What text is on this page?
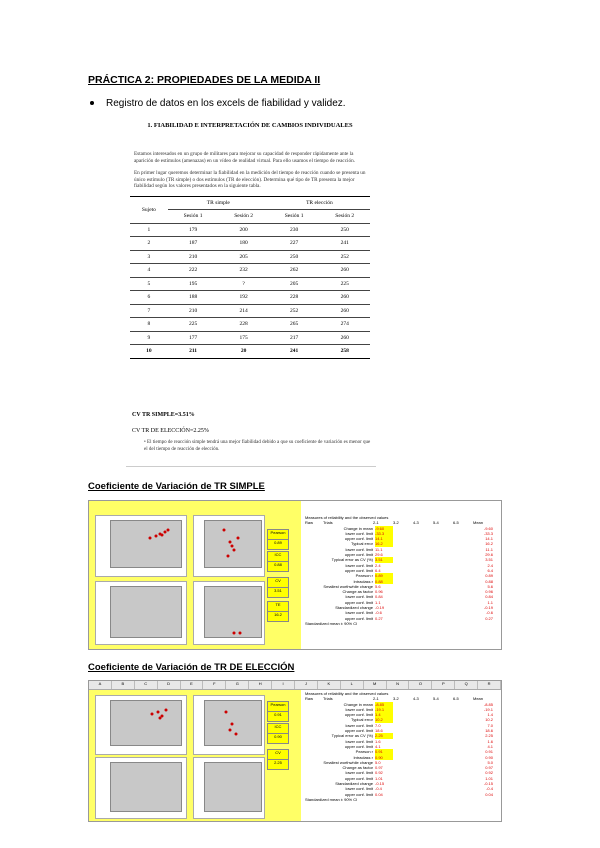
PRÁCTICA 2: PROPIEDADES DE LA MEDIDA II
Registro de datos en los excels de fiabilidad y validez.
1. FIABILIDAD E INTERPRETACIÓN DE CAMBIOS INDIVIDUALES

Estamos interesados en un grupo de militares para mejorar su capacidad de responder rápidamente ante la aparición de estímulos (amenazas) en un vídeo de realidad virtual. Para ello usamos el tiempo de reacción.

En primer lugar queremos determinar la fiabilidad en la medición del tiempo de reacción cuando se presenta un único estímulo (TR simple) o dos estímulos (TR de elección). Determina qué tipo de TR presenta la mejor fiabilidad según los valores presentados en la siguiente tabla.

Sujeto	TR simple		TR elección	
	Sesión 1	Sesión 2	Sesión 1	Sesión 2
1	179	200	230	250
2	187	180	227	241
3	210	205	250	252
4	222	232	262	260
5	195	?	205	225
6	188	192	228	260
7	210	214	252	260
8	225	228	265	274
9	177	175	217	260
10	211	20	241	258
CV TR SIMPLE=3.51%
CV TR DE ELECCIÓN=2.25%
• El tiempo de reacción simple tendrá una mejor fiabilidad debido a que su coeficiente de variación es menor que el del tiempo de reacción de elección.
Coeficiente de Variación de TR SIMPLE
Pearson
0.89
ICC
0.88
CV
3.51
TE
16.2
Measures of reliability and the observed values
Raw	Trials	2-1	3-2	4-3	5-4	6-5	Mean
Change in mean -9.60	-9.60
lower conf. limit -33.3	-33.3
upper conf. limit 14.1	14.1
Typical error 16.2	16.2
lower conf. limit 11.1	11.1
upper conf. limit 29.6	29.6
Typical error as CV (%) 3.51	3.51
lower conf. limit 2.4	2.4
upper conf. limit 6.4	6.4
Pearson r 0.89	0.89
Intraclass r 0.88	0.88
Smallest worthwhile change 5.6	5.6
Change as factor 0.96	0.96
lower conf. limit 0.84	0.84
upper conf. limit 1.1	1.1
Standardized change -0.19	-0.19
lower conf. limit -0.6	-0.6
upper conf. limit 0.27	0.27
Standardized mean ± 90% CI
Coeficiente de Variación de TR DE ELECCIÓN
A	B	C	D	E	F	G	H	I	J	K	L	M	N	O	P	Q	R
Pearson
0.91
ICC
0.90
CV
2.25
Measures of reliability and the observed values
Raw	Trials	2-1	3-2	4-3	5-4	6-5	Mean
Change in mean -8.85	-8.85
lower conf. limit -19.1	-19.1
upper conf. limit 1.4	1.4
Typical error 10.2	10.2
lower conf. limit 7.0	7.0
upper conf. limit 18.6	18.6
Typical error as CV (%) 2.25	2.25
lower conf. limit 1.6	1.6
upper conf. limit 4.1	4.1
Pearson r 0.91	0.91
Intraclass r 0.90	0.90
Smallest worthwhile change 5.0	5.0
Change as factor 0.97	0.97
lower conf. limit 0.92	0.92
upper conf. limit 1.01	1.01
Standardized change -0.15	-0.15
lower conf. limit -0.4	-0.4
upper conf. limit 0.04	0.04
Standardized mean ± 90% CI
